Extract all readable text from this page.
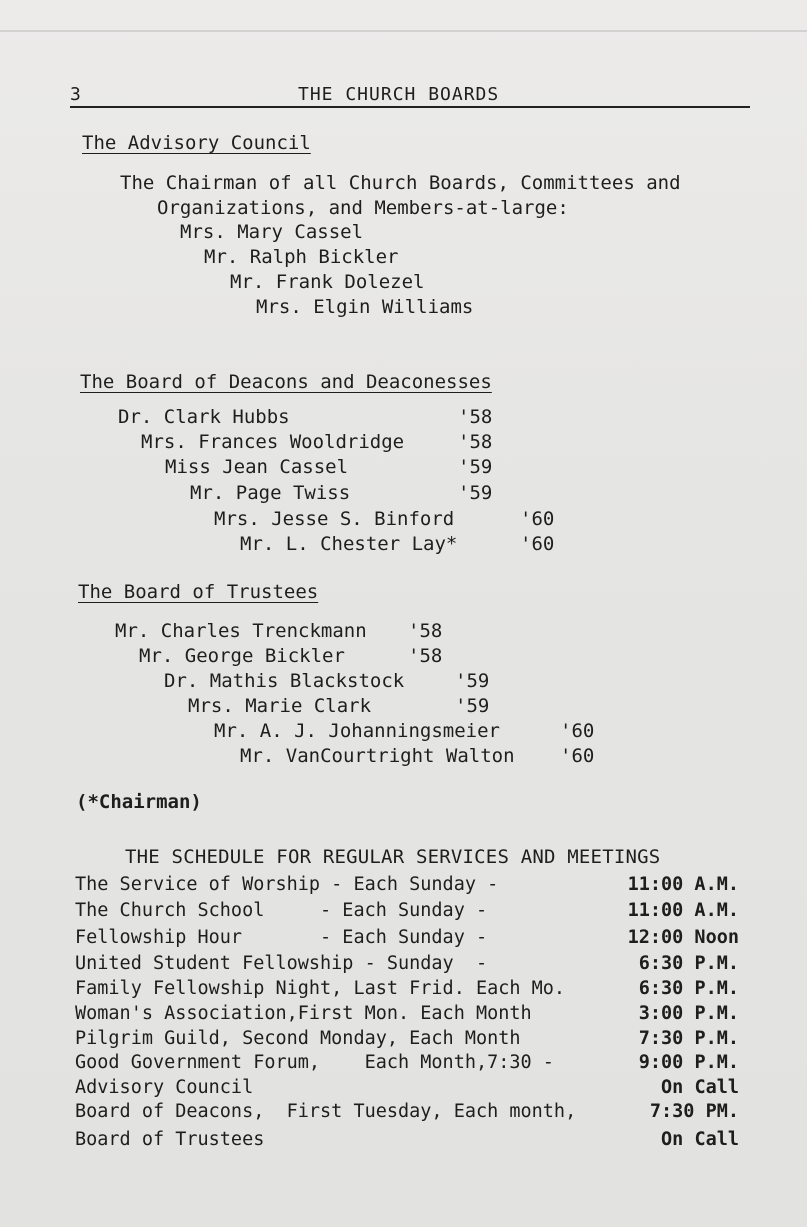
3	THE CHURCH BOARDS
The Advisory Council
The Chairman of all Church Boards, Committees and
Organizations, and Members-at-large:
Mrs. Mary Cassel
Mr. Ralph Bickler
Mr. Frank Dolezel
Mrs. Elgin Williams
The Board of Deacons and Deaconesses
Dr. Clark Hubbs	'58
Mrs. Frances Wooldridge	'58
Miss Jean Cassel	'59
Mr. Page Twiss	'59
Mrs. Jesse S. Binford	'60
Mr. L. Chester Lay*	'60
The Board of Trustees
Mr. Charles Trenckmann '58
Mr. George Bickler	'58
Dr. Mathis Blackstock	'59
Mrs. Marie Clark	'59
Mr. A. J. Johanningsmeier	'60
Mr. VanCourtright Walton '60
(*Chairman)
THE SCHEDULE FOR REGULAR SERVICES AND MEETINGS
The Service of Worship - Each Sunday -	11:00 A.M.
The Church School     - Each Sunday -	11:00 A.M.
Fellowship Hour       - Each Sunday -	12:00 Noon
United Student Fellowship - Sunday  -	6:30 P.M.
Family Fellowship Night, Last Frid. Each Mo.	6:30 P.M.
Woman's Association,First Mon. Each Month	3:00 P.M.
Pilgrim Guild, Second Monday, Each Month	7:30 P.M.
Good Government Forum,    Each Month,7:30 -	9:00 P.M.
Advisory Council	On Call
Board of Deacons,  First Tuesday, Each month,	7:30 PM.
Board of Trustees	On Call
